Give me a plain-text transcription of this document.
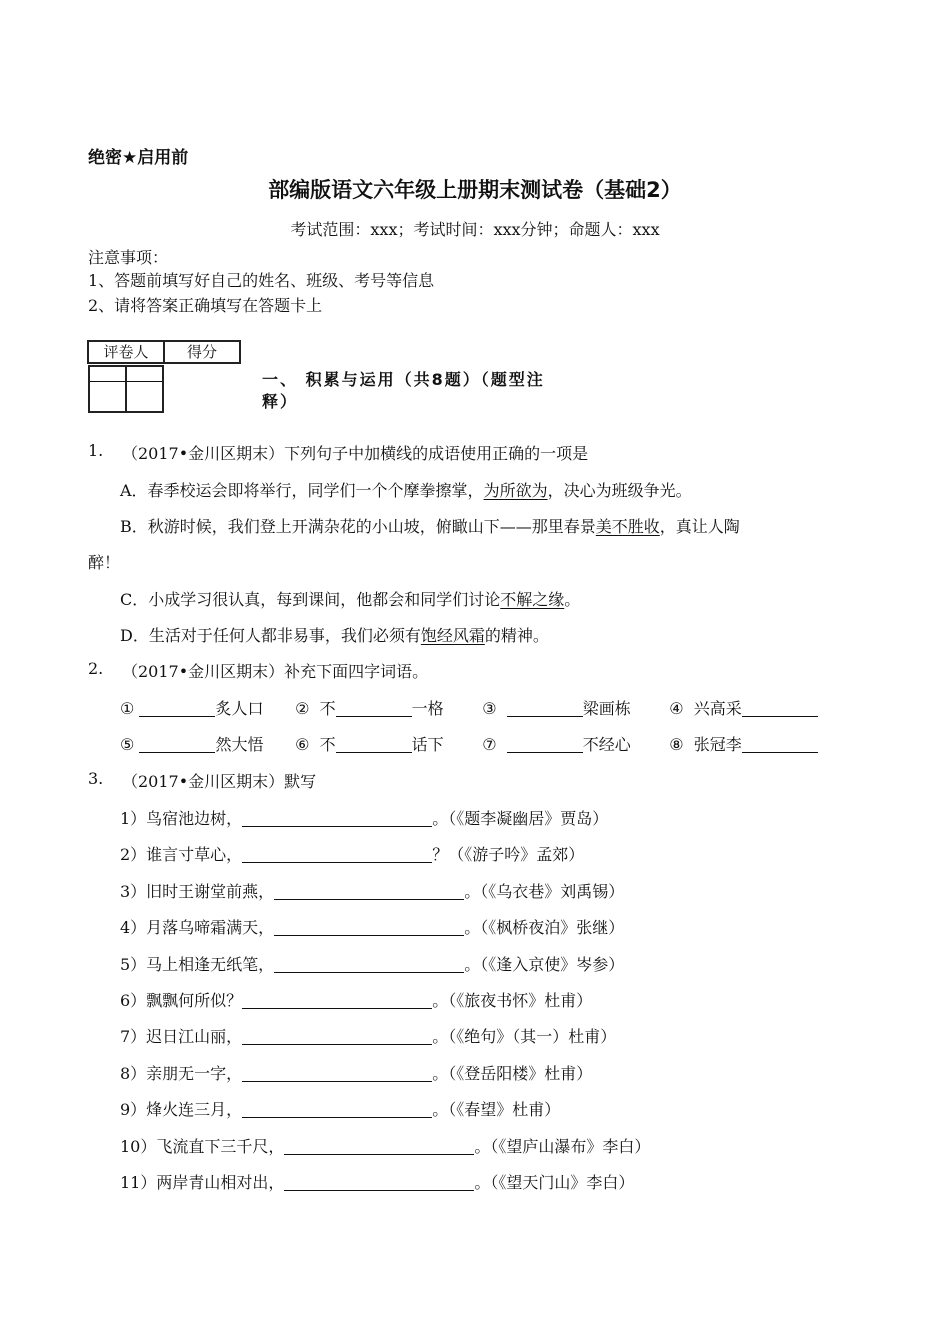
绝密★启用前
部编版语文六年级上册期末测试卷（基础2）
考试范围：xxx；考试时间：xxx分钟；命题人：xxx
注意事项：
1、答题前填写好自己的姓名、班级、考号等信息
2、请将答案正确填写在答题卡上
评卷人	得分

一、 积累与运用（共8题）（题型注
释）
1. （2017•金川区期末）下列句子中加横线的成语使用正确的一项是
A．春季校运会即将举行，同学们一个个摩拳擦掌，为所欲为，决心为班级争光。
B．秋游时候，我们登上开满杂花的小山坡，俯瞰山下——那里春景美不胜收，真让人陶
醉！
C．小成学习很认真，每到课间，他都会和同学们讨论不解之缘。
D．生活对于任何人都非易事，我们必须有饱经风霜的精神。
2. （2017•金川区期末）补充下面四字词语。
①	炙人口 ② 不	一格 ③	梁画栋 ④ 兴高采
⑤	然大悟 ⑥ 不	话下 ⑦	不经心 ⑧ 张冠李
3. （2017•金川区期末）默写
1）鸟宿池边树，	。（《题李凝幽居》贾岛）
2）谁言寸草心，	？（《游子吟》孟郊）
3）旧时王谢堂前燕，	。（《乌衣巷》刘禹锡）
4）月落乌啼霜满天，	。（《枫桥夜泊》张继）
5）马上相逢无纸笔，	。（《逢入京使》岑参）
6）飘飘何所似？	。（《旅夜书怀》杜甫）
7）迟日江山丽，	。（《绝句》（其一）杜甫）
8）亲朋无一字，	。（《登岳阳楼》杜甫）
9）烽火连三月，	。（《春望》杜甫）
10）飞流直下三千尺，	。（《望庐山瀑布》李白）
11）两岸青山相对出，	。（《望天门山》李白）
